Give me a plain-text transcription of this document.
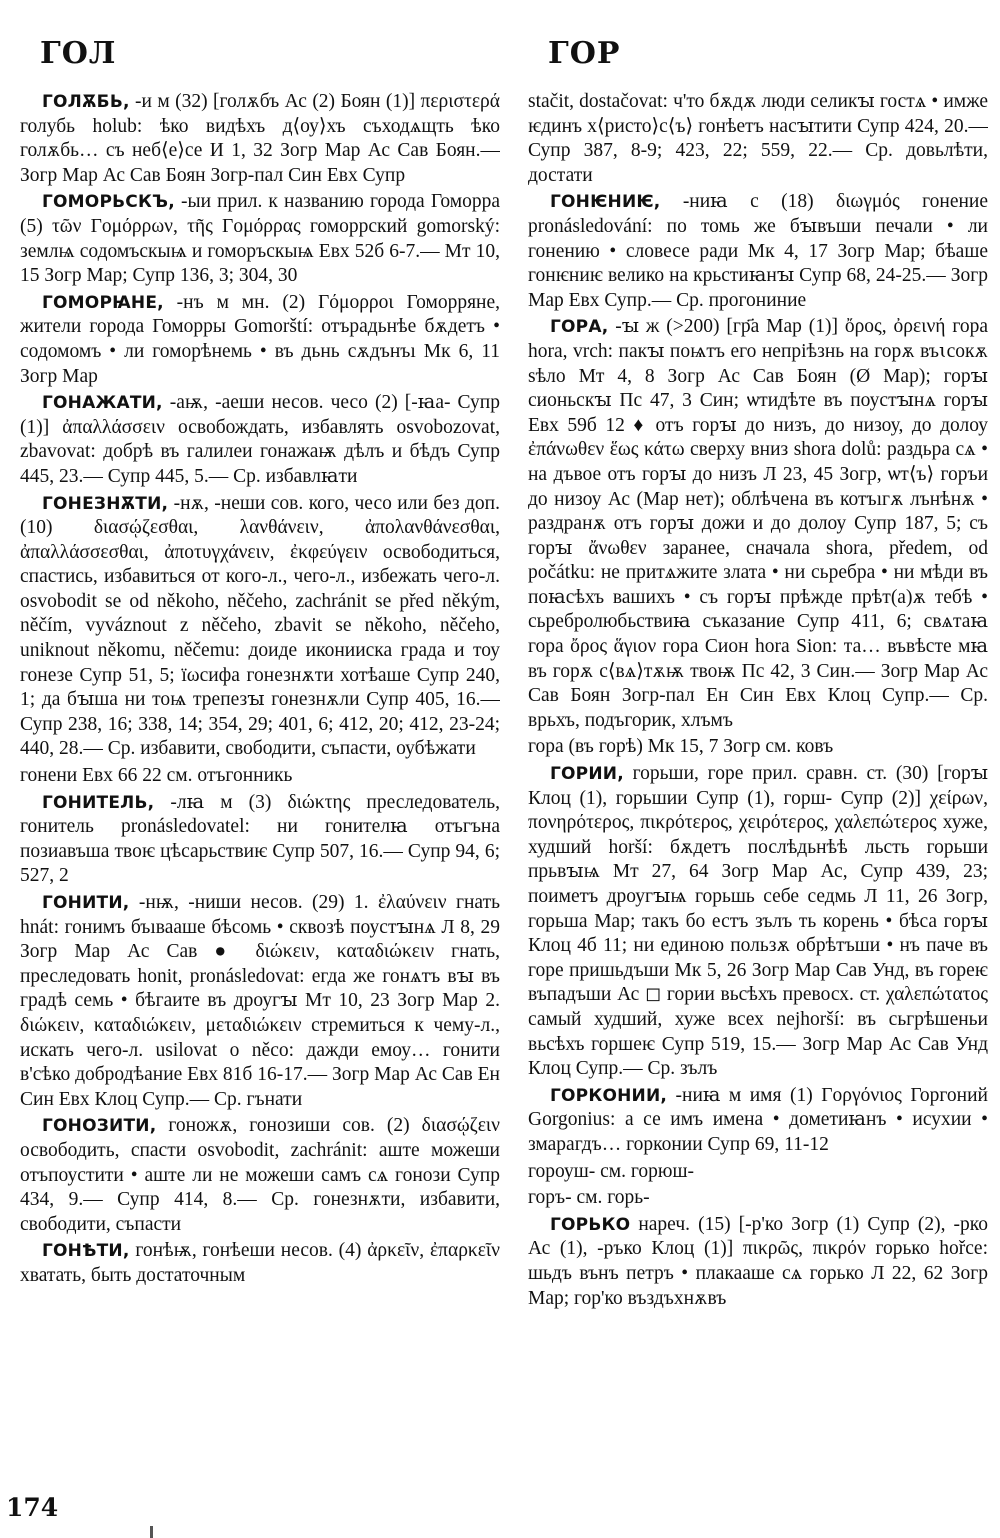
ГОЛ	ГОР

ГОЛѪБЬ, -и м (32) [голѫбъ Ас (2) Боян (1)] περιστερά голубь holub: ѣко видѣхъ д⟨оу⟩хъ съходѧщть ѣко голѫбь… съ неб⟨е⟩се И 1, 32 Зогр Мар Ас Сав Боян.— Зогр Мар Ас Сав Боян Зогр-пал Син Евх Супр

ГОМОРЬСКЪ, -ыи прил. к названию города Гоморра (5) τῶν Γομόρρων, τῆς Γομόρρας гоморрский gomorský: землѩ содомъскыѩ и гоморъскыѩ Евх 52б 6-7.— Мт 10, 15 Зогр Мар; Супр 136, 3; 304, 30

ГОМОРꙖНЕ, -нъ м мн. (2) Γόμορροι Гоморряне, жители города Гоморры Gomorští: отърадьнѣе бѫдетъ • содомомъ • ли гоморѣнемь • въ дьнь сѫдънъı Мк 6, 11 Зогр Мар

ГОНАЖАТИ, -аѭ, -аеши несов. чесо (2) [-ꙗа- Супр (1)] ἀπαλλάσσειν освобождать, избавлять osvobozovat, zbavovat: добрѣ въ галилеи гонажаѭ дѣлъ и бѣдъ Супр 445, 23.— Супр 445, 5.— Ср. избавлꙗти

ГОНЕЗНѪТИ, -нѫ, -неши сов. кого, чесо или без доп. (10) διασῴζεσθαι, λανθάνειν, ἀπολανθάνεσθαι, ἀπαλλάσσεσθαι, ἀποτυγχάνειν, ἐκφεύγειν освободиться, спастись, избавиться от кого-л., чего-л., избежать чего-л. osvobodit se od někoho, něčeho, zachránit se před někým, něčím, vyváznout z něčeho, zbavit se někoho, něčeho, uniknout někomu, něčemu: доиде иконииска града и тоу гонезе Супр 51, 5; ïωсифа гонезнѫти хотѣаше Супр 240, 1; да бꙑша ни тоѩ трепезꙑ гонезнѫли Супр 405, 16.— Супр 238, 16; 338, 14; 354, 29; 401, 6; 412, 20; 412, 23-24; 440, 28.— Ср. избавити, свободити, съпасти, оубѣжати

гонени Евх 66 22 см. отъгонникь

ГОНИТЕЛЬ, -лꙗ м (3) διώκτης преследователь, гонитель pronásledovatel: ни гонителꙗ отъгъна позиавъша твоѥ цѣсарьствиѥ Супр 507, 16.— Супр 94, 6; 527, 2

ГОНИТИ, -нѭ, -ниши несов. (29) 1. ἐλαύνειν гнать hnát: гонимъ бъıвааше бѣсомь • сквозѣ поустꙑнѧ Л 8, 29 Зогр Мар Ас Сав ● διώκειν, καταδιώκειν гнать, преследовать honit, pronásledovat: егда же гонѧтъ вꙑ въ градѣ семь • бѣгаите въ дроугꙑ Мт 10, 23 Зогр Мар 2. διώκειν, καταδιώκειν, μεταδιώκειν стремиться к чему-л., искать чего-л. usilovat o něco: дажди емоу… гонити в'сѣко добродѣание Евх 81б 16-17.— Зогр Мар Ас Сав Ен Син Евх Клоц Супр.— Ср. гънати

ГОНОЗИТИ, гоножѫ, гонозиши сов. (2) διασῴζειν освободить, спасти osvobodit, zachránit: аште можеши отъпоустити • аште ли не можеши самъ сѧ гонози Супр 434, 9.— Супр 414, 8.— Ср. гонезнѫти, избавити, свободити, съпасти

ГОНѢТИ, гонѣѭ, гонѣеши несов. (4) ἀρκεῖν, ἐπαρκεῖν хватать, быть достаточным

stačit, dostačovat: ч'то бѫдѫ люди селикꙑ гостѧ • имже ѥдинъ х⟨ристо⟩с⟨ъ⟩ гонѣетъ насꙑтити Супр 424, 20.— Супр 387, 8-9; 423, 22; 559, 22.— Ср. довьлѣти, достати

ГОНѤНИѤ, -ниꙗ с (18) διωγμός гонение pronásledování: по томь же бꙑвъши печали • ли гонению • словесе ради Мк 4, 17 Зогр Мар; бѣаше гонѥниѥ велико на крьстиꙗнꙑ Супр 68, 24-25.— Зогр Мар Евх Супр.— Ср. прогониние

ГОРА, -ꙑ ж (>200) [гр҃а Мар (1)] ὄρος, ὀρεινή гора hora, vrch: пакꙑ поѩтъ его непріѣзнь на горѫ въꙇсокѫ ѕѣло Мт 4, 8 Зогр Ас Сав Боян (Ø Мар); горꙑ сионьскꙑ Пс 47, 3 Син; ѡтидѣте въ поустꙑнѧ горꙑ Евх 59б 12 ♦ отъ горꙑ до низъ, до низоу, до долоу ἐπάνωθεν ἕως κάτω сверху вниз shora dolů: раздьра сѧ • на дъвое отъ горꙑ до низъ Л 23, 45 Зогр, ѡт⟨ъ⟩ горъи до низоу Ас (Мар нет); облѣчена въ котъıгѫ лънѣнѫ • раздранѫ отъ горꙑ дожи и до долоу Супр 187, 5; съ горꙑ ἄνωθεν заранее, сначала shora, předem, od počátku: не притѧжите злата • ни сьребра • ни мѣди въ поꙗсѣхъ вашихъ • съ горꙑ прѣжде прѣт(а)ѫ тебѣ • сьребролюбьствиꙗ съказание Супр 411, 6; свѧтаꙗ гора ὄρος ἅγιον гора Сион hora Sion: та… въвѣсте мꙗ въ горѫ с⟨вѧ⟩тѫѭ твоѭ Пс 42, 3 Син.— Зогр Мар Ас Сав Боян Зогр-пал Ен Син Евх Клоц Супр.— Ср. врьхъ, подъгорик, хлъмъ

гора (въ горѣ) Мк 15, 7 Зогр см. ковъ

ГОРИИ, горьши, горе прил. сравн. ст. (30) [горꙑ Клоц (1), горьшии Супр (1), горш- Супр (2)] χείρων, πονηρότερος, πικρότερος, χειρότερος, χαλεπώτερος хуже, худший horší: бѫдетъ послѣдьнѣѣ льсть горьши прьвꙑѩ Мт 27, 64 Зогр Мар Ас, Супр 439, 23; поиметъ дроугꙑѩ горьшь себе седмь Л 11, 26 Зогр, горьша Мар; такъ бо естъ зълъ ть корень • бѣса горꙑ Клоц 4б 11; ни единою пользѫ обрѣтъши • нъ паче въ горе пришьдъши Мк 5, 26 Зогр Мар Сав Унд, въ гореѥ въпадъши Ас ◻ гории вьсѣхъ превосх. ст. χαλεπώτατος самый худший, хуже всех nejhorší: въ сьгрѣшеньи вьсѣхъ горшеѥ Супр 519, 15.— Зогр Мар Ас Сав Унд Клоц Супр.— Ср. зълъ

ГОРКОНИИ, -ниꙗ м имя (1) Γοργόνιος Горгоний Gorgonius: а се имъ имена • дометиꙗнъ • исухии • змарагдъ… горконии Супр 69, 11-12

гороуш- см. горюш-

горъ- см. горь-

ГОРЬКО нареч. (15) [-р'ко Зогр (1) Супр (2), -рко Ас (1), -ръко Клоц (1)] πικρῶς, πικρόν горько hořce: шьдъ вънъ петръ • плакааше сѧ горько Л 22, 62 Зогр Мар; гор'ко въздъхнѫвъ

174
